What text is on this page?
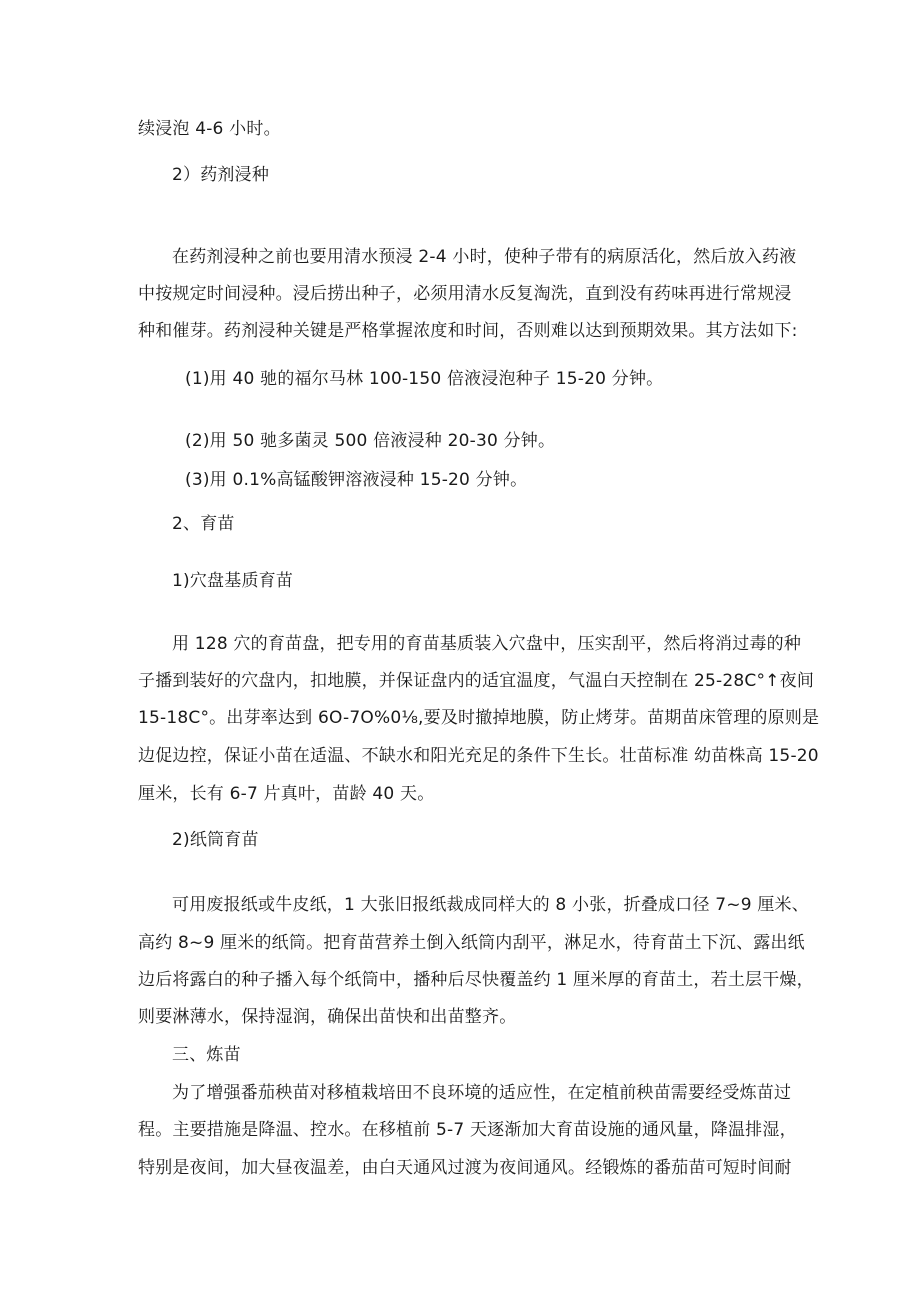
续浸泡 4-6 小时。
2）药剂浸种
在药剂浸种之前也要用清水预浸 2-4 小时，使种子带有的病原活化，然后放入药液
中按规定时间浸种。浸后捞出种子，必须用清水反复淘洗，直到没有药味再进行常规浸
种和催芽。药剂浸种关键是严格掌握浓度和时间，否则难以达到预期效果。其方法如下:
(1)用 40 驰的福尔马林 100-150 倍液浸泡种子 15-20 分钟。
(2)用 50 驰多菌灵 500 倍液浸种 20-30 分钟。
(3)用 0.1%高锰酸钾溶液浸种 15-20 分钟。
2、育苗
1)穴盘基质育苗
用 128 穴的育苗盘，把专用的育苗基质装入穴盘中，压实刮平，然后将消过毒的种
子播到装好的穴盘内，扣地膜，并保证盘内的适宜温度，气温白天控制在 25-28C°↑夜间
15-18C°。出芽率达到 6O-7O%0⅛,要及时撤掉地膜，防止烤芽。苗期苗床管理的原则是
边促边控，保证小苗在适温、不缺水和阳光充足的条件下生长。壮苗标准 幼苗株高 15-20
厘米，长有 6-7 片真叶，苗龄 40 天。
2)纸筒育苗
可用废报纸或牛皮纸，1 大张旧报纸裁成同样大的 8 小张，折叠成口径 7~9 厘米、
高约 8~9 厘米的纸筒。把育苗营养土倒入纸筒内刮平，淋足水，待育苗土下沉、露出纸
边后将露白的种子播入每个纸筒中，播种后尽快覆盖约 1 厘米厚的育苗土，若土层干燥，
则要淋薄水，保持湿润，确保出苗快和出苗整齐。
三、炼苗
为了增强番茄秧苗对移植栽培田不良环境的适应性，在定植前秧苗需要经受炼苗过
程。主要措施是降温、控水。在移植前 5-7 天逐渐加大育苗设施的通风量，降温排湿，
特别是夜间，加大昼夜温差，由白天通风过渡为夜间通风。经锻炼的番茄苗可短时间耐
